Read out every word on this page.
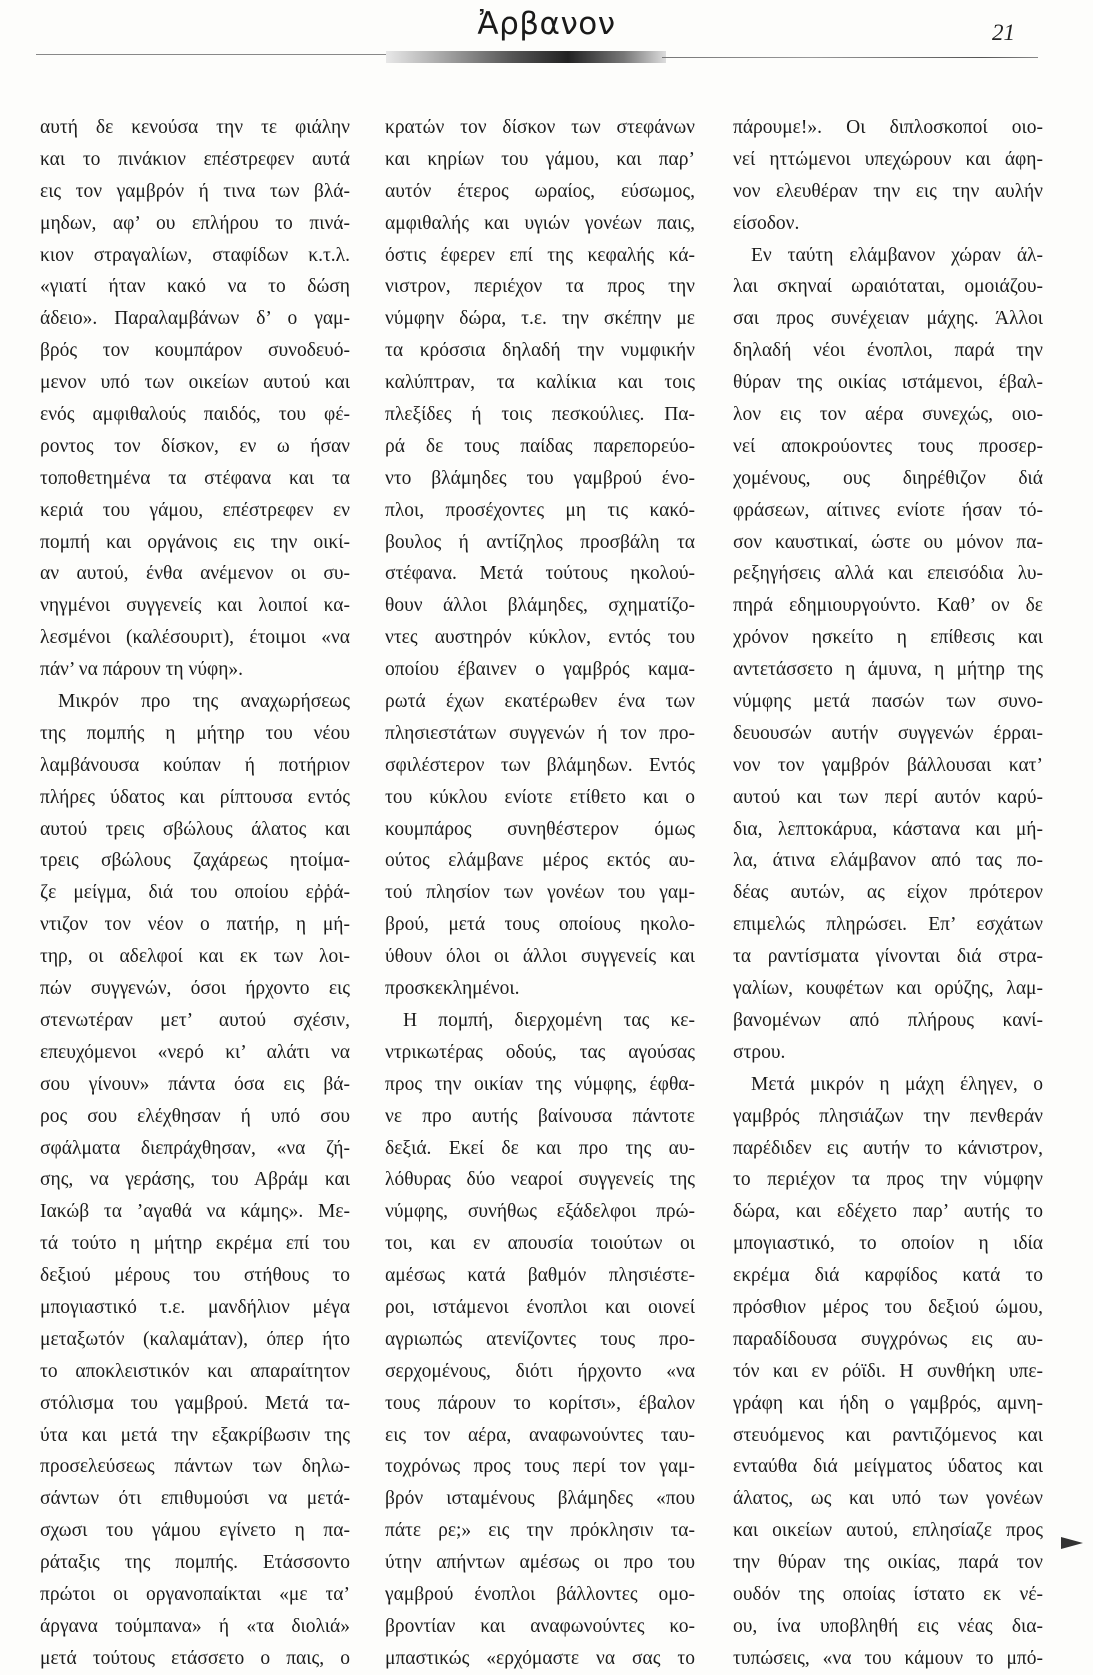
Ἀρβανον	21
αυτή δε κενούσα την τε φιάλην
και το πινάκιον επέστρεφεν αυτά
εις τον γαμβρόν ή τινα των βλά-
μηδων, αφ’ ου επλήρου το πινά-
κιον στραγαλίων, σταφίδων κ.τ.λ.
«γιατί ήταν κακό να το δώση
άδειο». Παραλαμβάνων δ’ ο γαμ-
βρός τον κουμπάρον συνοδευό-
μενον υπό των οικείων αυτού και
ενός αμφιθαλούς παιδός, του φέ-
ροντος τον δίσκον, εν ω ήσαν
τοποθετημένα τα στέφανα και τα
κεριά του γάμου, επέστρεφεν εν
πομπή και οργάνοις εις την οικί-
αν αυτού, ένθα ανέμενον οι συ-
νηγμένοι συγγενείς και λοιποί κα-
λεσμένοι (καλέσουριτ), έτοιμοι «να
πάν’ να πάρουν τη νύφη».
Μικρόν προ της αναχωρήσεως
της πομπής η μήτηρ του νέου
λαμβάνουσα κούπαν ή ποτήριον
πλήρες ύδατος και ρίπτουσα εντός
αυτού τρεις σβώλους άλατος και
τρεις σβώλους ζαχάρεως ητοίμα-
ζε μείγμα, διά του οποίου εῤῥά-
ντιζον τον νέον ο πατήρ, η μή-
τηρ, οι αδελφοί και εκ των λοι-
πών συγγενών, όσοι ήρχοντο εις
στενωτέραν μετ’ αυτού σχέσιν,
επευχόμενοι «νερό κι’ αλάτι να
σου γίνουν» πάντα όσα εις βά-
ρος σου ελέχθησαν ή υπό σου
σφάλματα διεπράχθησαν, «να ζή-
σης, να γεράσης, του Αβράμ και
Ιακώβ τα ’αγαθά να κάμης». Με-
τά τούτο η μήτηρ εκρέμα επί του
δεξιού μέρους του στήθους το
μπογιαστικό τ.ε. μανδήλιον μέγα
μεταξωτόν (καλαμάταν), όπερ ήτο
το αποκλειστικόν και απαραίτητον
στόλισμα του γαμβρού. Μετά τα-
ύτα και μετά την εξακρίβωσιν της
προσελεύσεως πάντων των δηλω-
σάντων ότι επιθυμούσι να μετά-
σχωσι του γάμου εγίνετο η πα-
ράταξις της πομπής. Ετάσσοντο
πρώτοι οι οργανοπαίκται «με τα’
άργανα τούμπανα» ή «τα διολιά»
μετά τούτους ετάσσετο ο παις, ο
κρατών τον δίσκον των στεφάνων
και κηρίων του γάμου, και παρ’
αυτόν έτερος ωραίος, εύσωμος,
αμφιθαλής και υγιών γονέων παις,
όστις έφερεν επί της κεφαλής κά-
νιστρον, περιέχον τα προς την
νύμφην δώρα, τ.ε. την σκέπην με
τα κρόσσια δηλαδή την νυμφικήν
καλύπτραν, τα καλίκια και τοις
πλεξίδες ή τοις πεσκούλιες. Πα-
ρά δε τους παίδας παρεπορεύο-
ντο βλάμηδες του γαμβρού ένο-
πλοι, προσέχοντες μη τις κακό-
βουλος ή αντίζηλος προσβάλη τα
στέφανα. Μετά τούτους ηκολού-
θουν άλλοι βλάμηδες, σχηματίζο-
ντες αυστηρόν κύκλον, εντός του
οποίου έβαινεν ο γαμβρός καμα-
ρωτά έχων εκατέρωθεν ένα των
πλησιεστάτων συγγενών ή τον προ-
σφιλέστερον των βλάμηδων. Εντός
του κύκλου ενίοτε ετίθετο και ο
κουμπάρος συνηθέστερον όμως
ούτος ελάμβανε μέρος εκτός αυ-
τού πλησίον των γονέων του γαμ-
βρού, μετά τους οποίους ηκολο-
ύθουν όλοι οι άλλοι συγγενείς και
προσκεκλημένοι.
Η πομπή, διερχομένη τας κε-
ντρικωτέρας οδούς, τας αγούσας
προς την οικίαν της νύμφης, έφθα-
νε προ αυτής βαίνουσα πάντοτε
δεξιά. Εκεί δε και προ της αυ-
λόθυρας δύο νεαροί συγγενείς της
νύμφης, συνήθως εξάδελφοι πρώ-
τοι, και εν απουσία τοιούτων οι
αμέσως κατά βαθμόν πλησιέστε-
ροι, ιστάμενοι ένοπλοι και οιονεί
αγριωπώς ατενίζοντες τους προ-
σερχομένους, διότι ήρχοντο «να
τους πάρουν το κορίτσι», έβαλον
εις τον αέρα, αναφωνούντες ταυ-
τοχρόνως προς τους περί τον γαμ-
βρόν ισταμένους βλάμηδες «που
πάτε ρε;» εις την πρόκλησιν τα-
ύτην απήντων αμέσως οι προ του
γαμβρού ένοπλοι βάλλοντες ομο-
βροντίαν και αναφωνούντες κο-
μπαστικώς «ερχόμαστε να σας το
πάρουμε!». Οι διπλοσκοποί οιο-
νεί ηττώμενοι υπεχώρουν και άφη-
νον ελευθέραν την εις την αυλήν
είσοδον.
Εν ταύτη ελάμβανον χώραν άλ-
λαι σκηναί ωραιόταται, ομοιάζου-
σαι προς συνέχειαν μάχης. Άλλοι
δηλαδή νέοι ένοπλοι, παρά την
θύραν της οικίας ιστάμενοι, έβαλ-
λον εις τον αέρα συνεχώς, οιο-
νεί αποκρούοντες τους προσερ-
χομένους, ους διηρέθιζον διά
φράσεων, αίτινες ενίοτε ήσαν τό-
σον καυστικαί, ώστε ου μόνον πα-
ρεξηγήσεις αλλά και επεισόδια λυ-
πηρά εδημιουργούντο. Καθ’ ον δε
χρόνον ησκείτο η επίθεσις και
αντετάσσετο η άμυνα, η μήτηρ της
νύμφης μετά πασών των συνο-
δευουσών αυτήν συγγενών έρραι-
νον τον γαμβρόν βάλλουσαι κατ’
αυτού και των περί αυτόν καρύ-
δια, λεπτοκάρυα, κάστανα και μή-
λα, άτινα ελάμβανον από τας πο-
δέας αυτών, ας είχον πρότερον
επιμελώς πληρώσει. Επ’ εσχάτων
τα ραντίσματα γίνονται διά στρα-
γαλίων, κουφέτων και ορύζης, λαμ-
βανομένων από πλήρους κανί-
στρου.
Μετά μικρόν η μάχη έληγεν, ο
γαμβρός πλησιάζων την πενθεράν
παρέδιδεν εις αυτήν το κάνιστρον,
το περιέχον τα προς την νύμφην
δώρα, και εδέχετο παρ’ αυτής το
μπογιαστικό, το οποίον η ιδία
εκρέμα διά καρφίδος κατά το
πρόσθιον μέρος του δεξιού ώμου,
παραδίδουσα συγχρόνως εις αυ-
τόν και εν ρόϊδι. Η συνθήκη υπε-
γράφη και ήδη ο γαμβρός, αμνη-
στευόμενος και ραντιζόμενος και
ενταύθα διά μείγματος ύδατος και
άλατος, ως και υπό των γονέων
και οικείων αυτού, επλησίαζε προς
την θύραν της οικίας, παρά τον
ουδόν της οποίας ίστατο εκ νέ-
ου, ίνα υποβληθή εις νέας δια-
τυπώσεις, «να του κάμουν το μπό-
